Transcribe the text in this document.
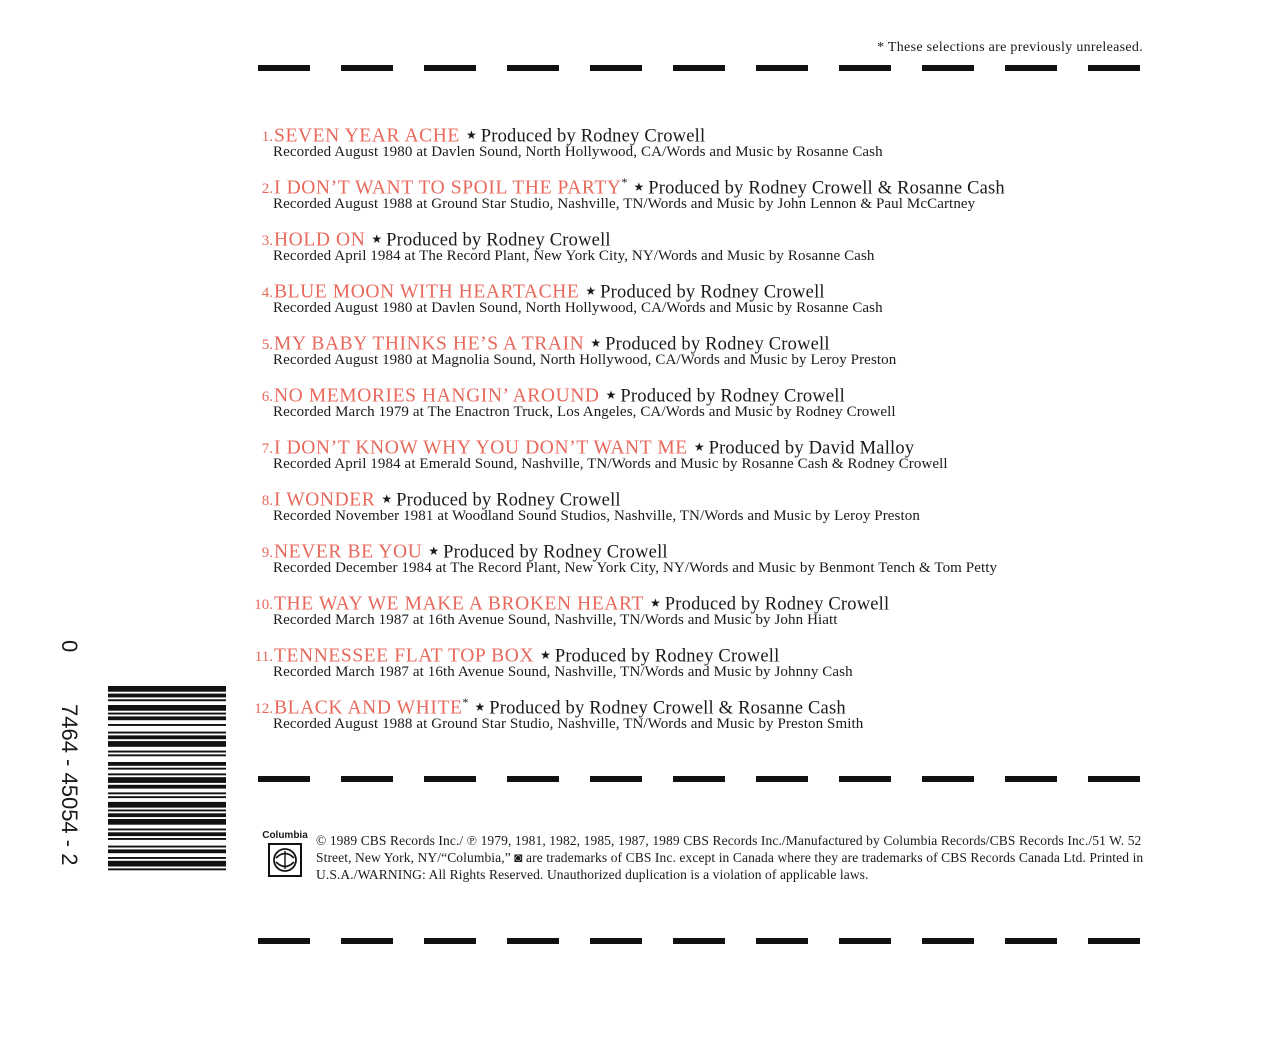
* These selections are previously unreleased.
1.SEVEN YEAR ACHE ★ Produced by Rodney Crowell
Recorded August 1980 at Davlen Sound, North Hollywood, CA/Words and Music by Rosanne Cash
2.I DON’T WANT TO SPOIL THE PARTY* ★ Produced by Rodney Crowell & Rosanne Cash
Recorded August 1988 at Ground Star Studio, Nashville, TN/Words and Music by John Lennon & Paul McCartney
3.HOLD ON ★ Produced by Rodney Crowell
Recorded April 1984 at The Record Plant, New York City, NY/Words and Music by Rosanne Cash
4.BLUE MOON WITH HEARTACHE ★ Produced by Rodney Crowell
Recorded August 1980 at Davlen Sound, North Hollywood, CA/Words and Music by Rosanne Cash
5.MY BABY THINKS HE’S A TRAIN ★ Produced by Rodney Crowell
Recorded August 1980 at Magnolia Sound, North Hollywood, CA/Words and Music by Leroy Preston
6.NO MEMORIES HANGIN’ AROUND ★ Produced by Rodney Crowell
Recorded March 1979 at The Enactron Truck, Los Angeles, CA/Words and Music by Rodney Crowell
7.I DON’T KNOW WHY YOU DON’T WANT ME ★ Produced by David Malloy
Recorded April 1984 at Emerald Sound, Nashville, TN/Words and Music by Rosanne Cash & Rodney Crowell
8.I WONDER ★ Produced by Rodney Crowell
Recorded November 1981 at Woodland Sound Studios, Nashville, TN/Words and Music by Leroy Preston
9.NEVER BE YOU ★ Produced by Rodney Crowell
Recorded December 1984 at The Record Plant, New York City, NY/Words and Music by Benmont Tench & Tom Petty
10.THE WAY WE MAKE A BROKEN HEART ★ Produced by Rodney Crowell
Recorded March 1987 at 16th Avenue Sound, Nashville, TN/Words and Music by John Hiatt
11.TENNESSEE FLAT TOP BOX ★ Produced by Rodney Crowell
Recorded March 1987 at 16th Avenue Sound, Nashville, TN/Words and Music by Johnny Cash
12.BLACK AND WHITE* ★ Produced by Rodney Crowell & Rosanne Cash
Recorded August 1988 at Ground Star Studio, Nashville, TN/Words and Music by Preston Smith
Columbia © 1989 CBS Records Inc./ ℗ 1979, 1981, 1982, 1985, 1987, 1989 CBS Records Inc./Manufactured by Columbia Records/CBS Records Inc./51 W. 52 Street, New York, NY/“Columbia,” ◙ are trademarks of CBS Inc. except in Canada where they are trademarks of CBS Records Canada Ltd. Printed in U.S.A./WARNING: All Rights Reserved. Unauthorized duplication is a violation of applicable laws.
0
7464 - 45054 - 2
